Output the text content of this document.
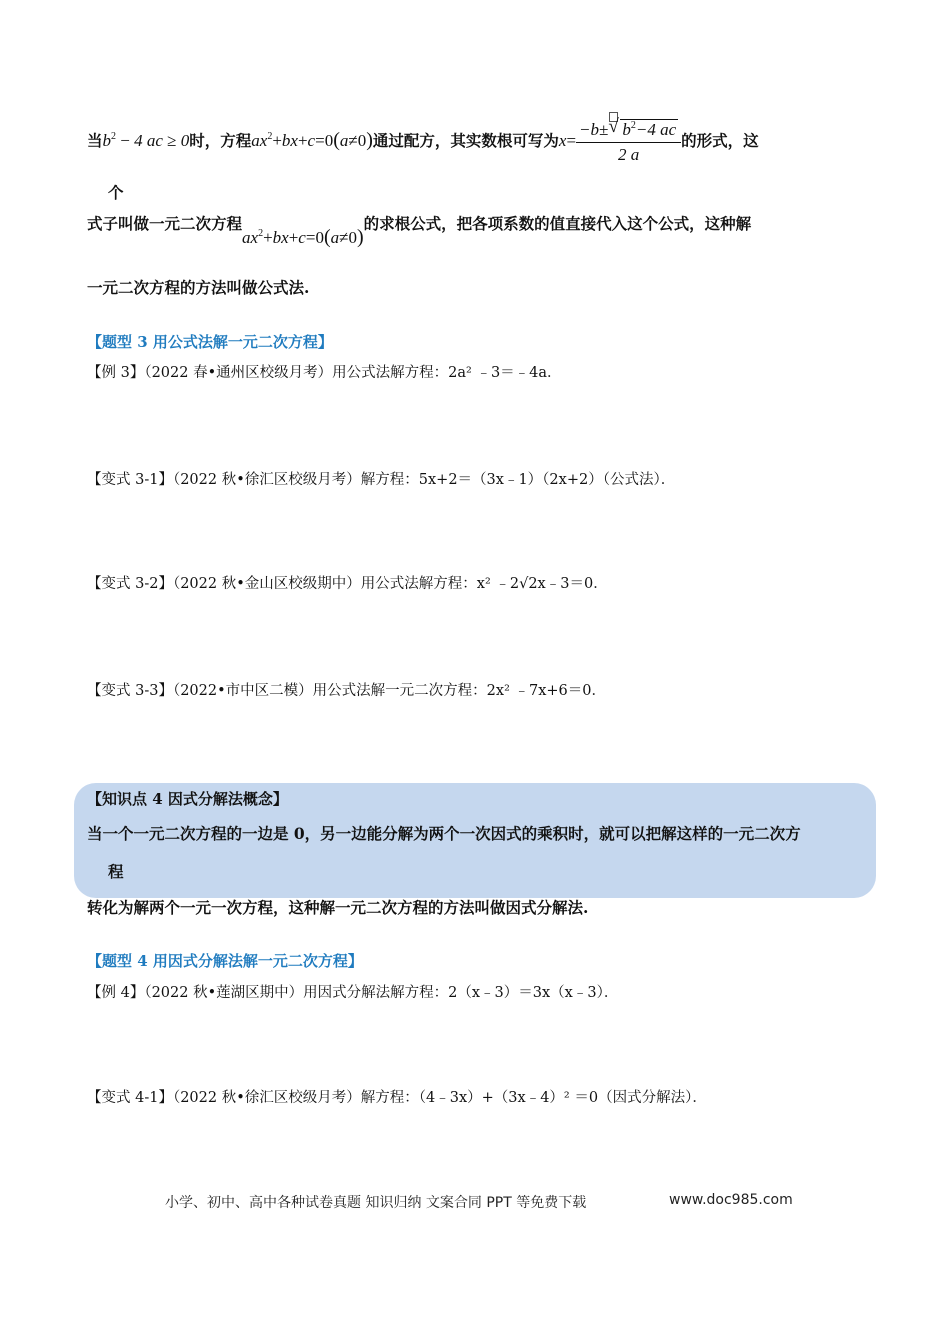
当$b^2 - 4$ ac ≥ 0时，方程$ax^2+bx+c=0(a\ne 0)$通过配方，其实数根可写为$x= \frac{-b\pm √ b^2-4 ac}{2 a}$ 的形式，这
个
式子叫做一元二次方程$ax^2+bx+c=0(a\ne 0)$的求根公式，把各项系数的值直接代入这个公式，这种解
一元二次方程的方法叫做公式法.
【题型 3 用公式法解一元二次方程】
【例 3】（2022 春•通州区校级月考）用公式法解方程：2a² ﹣3＝﹣4a．
【变式 3-1】（2022 秋•徐汇区校级月考）解方程：5x+2＝（3x﹣1）（2x+2）（公式法）．
【变式 3-2】（2022 秋•金山区校级期中）用公式法解方程：x² ﹣2√2x﹣3＝0．
【变式 3-3】（2022•市中区二模）用公式法解一元二次方程：2x² ﹣7x+6＝0．
【知识点 4 因式分解法概念】
当一个一元二次方程的一边是 0，另一边能分解为两个一次因式的乘积时，就可以把解这样的一元二次方
程
转化为解两个一元一次方程，这种解一元二次方程的方法叫做因式分解法.
【题型 4 用因式分解法解一元二次方程】
【例 4】（2022 秋•莲湖区期中）用因式分解法解方程：2（x﹣3）＝3x（x﹣3）．
【变式 4-1】（2022 秋•徐汇区校级月考）解方程：（4﹣3x）+（3x﹣4）² ＝0（因式分解法）．
小学、初中、高中各种试卷真题 知识归纳 文案合同 PPT 等免费下载	www.doc985.com
